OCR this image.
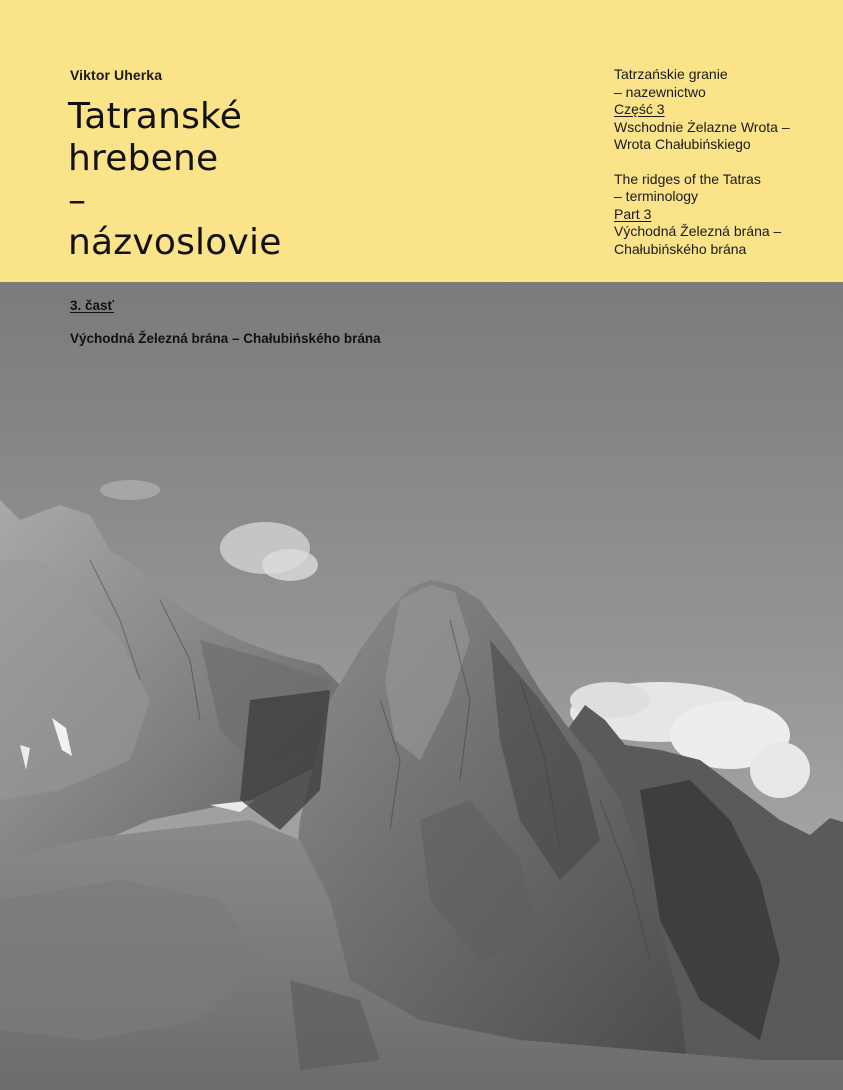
Viktor Uherka
Tatranské
hrebene
–
názvoslovie
Tatrzańskie granie
– nazewnictwo
Część 3
Wschodnie Żelazne Wrota –
Wrota Chałubińskiego
The ridges of the Tatras
– terminology
Part 3
Východná Železná brána –
Chałubińského brána
3. časť
Východná Železná brána – Chałubińského brána
